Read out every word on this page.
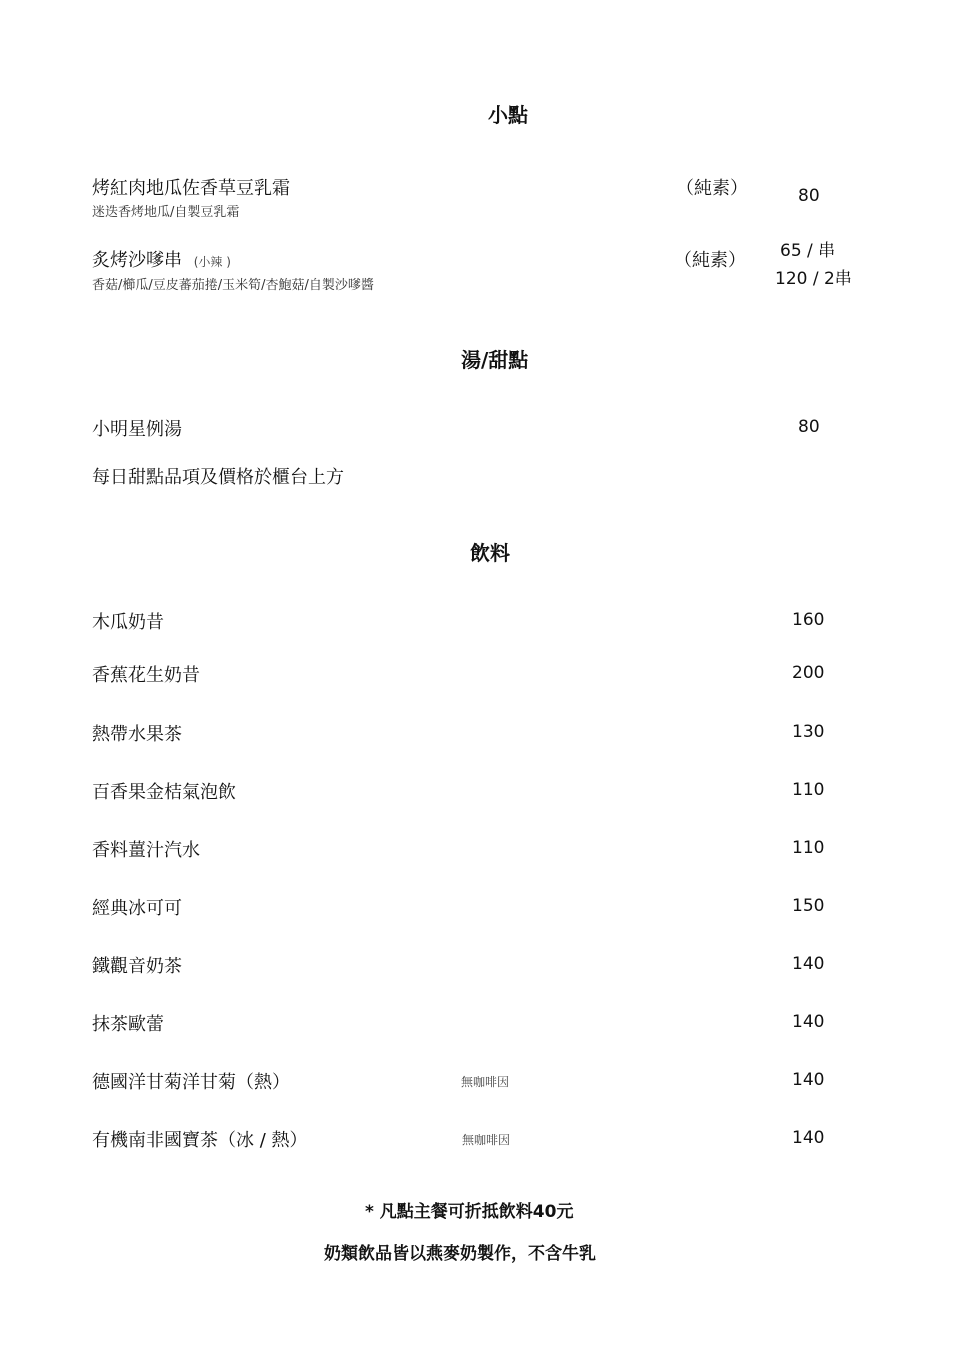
小點
烤紅肉地瓜佐香草豆乳霜
迷迭香烤地瓜/自製豆乳霜
（純素）	80
炙烤沙嗲串 (小辣 )
香菇/櫛瓜/豆皮蕃茄捲/玉米筍/杏鮑菇/自製沙嗲醬
（純素） 65 / 串
120 / 2串
湯/甜點
小明星例湯	80
每日甜點品項及價格於櫃台上方
飲料
木瓜奶昔	160
香蕉花生奶昔	200
熱帶水果茶	130
百香果金桔氣泡飲	110
香料薑汁汽水	110
經典冰可可	150
鐵觀音奶茶	140
抹茶歐蕾	140
德國洋甘菊洋甘菊（熱）	無咖啡因	140
有機南非國寶茶（冰 / 熱）	無咖啡因	140
* 凡點主餐可折抵飲料40元
奶類飲品皆以燕麥奶製作，不含牛乳
